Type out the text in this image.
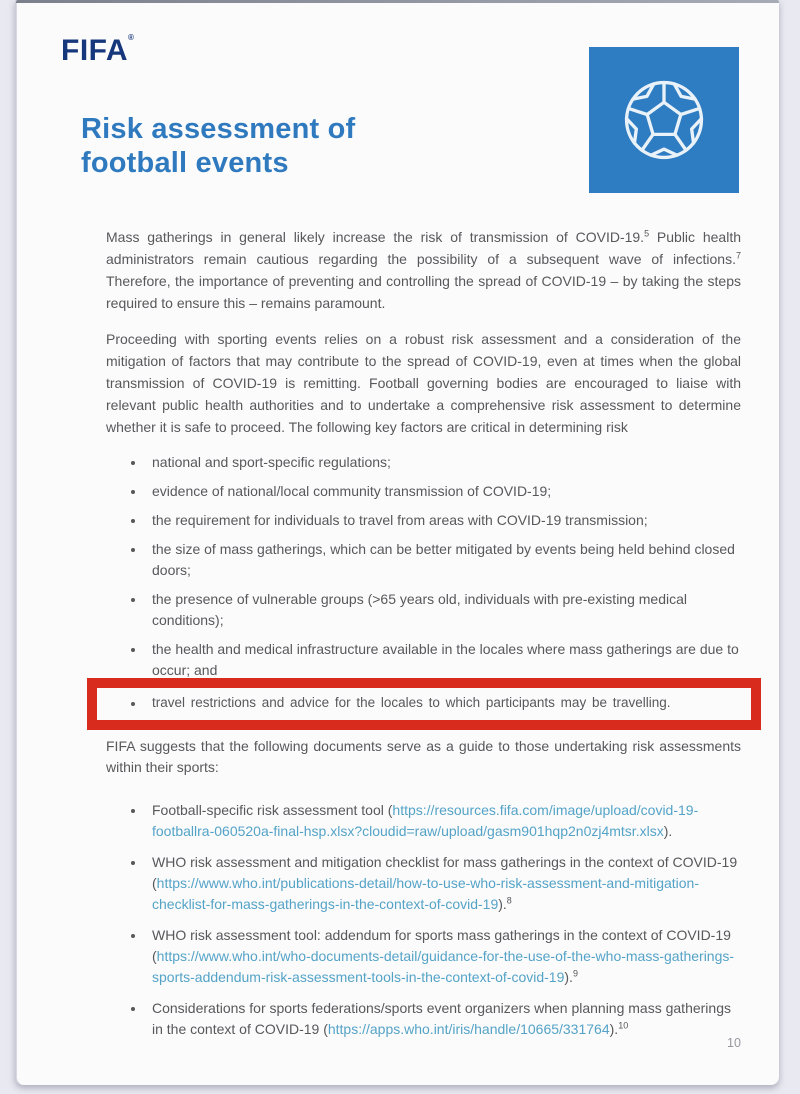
FIFA®
Risk assessment of
football events

Mass gatherings in general likely increase the risk of transmission of COVID-19.$^5$ Public health administrators remain cautious regarding the possibility of a subsequent wave of infections.$^7$ Therefore, the importance of preventing and controlling the spread of COVID-19 – by taking the steps required to ensure this – remains paramount.

Proceeding with sporting events relies on a robust risk assessment and a consideration of the mitigation of factors that may contribute to the spread of COVID-19, even at times when the global transmission of COVID-19 is remitting. Football governing bodies are encouraged to liaise with relevant public health authorities and to undertake a comprehensive risk assessment to determine whether it is safe to proceed. The following key factors are critical in determining risk

national and sport-specific regulations;
evidence of national/local community transmission of COVID-19;
the requirement for individuals to travel from areas with COVID-19 transmission;
the size of mass gatherings, which can be better mitigated by events being held behind closed doors;
the presence of vulnerable groups (>65 years old, individuals with pre-existing medical conditions);
the health and medical infrastructure available in the locales where mass gatherings are due to occur; and
travel restrictions and advice for the locales to which participants may be travelling.

FIFA suggests that the following documents serve as a guide to those undertaking risk assessments within their sports:

Football-specific risk assessment tool (https://resources.fifa.com/image/upload/covid-19-footballra-060520a-final-hsp.xlsx?cloudid=raw/upload/gasm901hqp2n0zj4mtsr.xlsx).
WHO risk assessment and mitigation checklist for mass gatherings in the context of COVID-19 (https://www.who.int/publications-detail/how-to-use-who-risk-assessment-and-mitigation-checklist-for-mass-gatherings-in-the-context-of-covid-19).$^8$
WHO risk assessment tool: addendum for sports mass gatherings in the context of COVID-19 (https://www.who.int/who-documents-detail/guidance-for-the-use-of-the-who-mass-gatherings-sports-addendum-risk-assessment-tools-in-the-context-of-covid-19).$^9$
Considerations for sports federations/sports event organizers when planning mass gatherings in the context of COVID-19 (https://apps.who.int/iris/handle/10665/331764).$^{10}$
10
